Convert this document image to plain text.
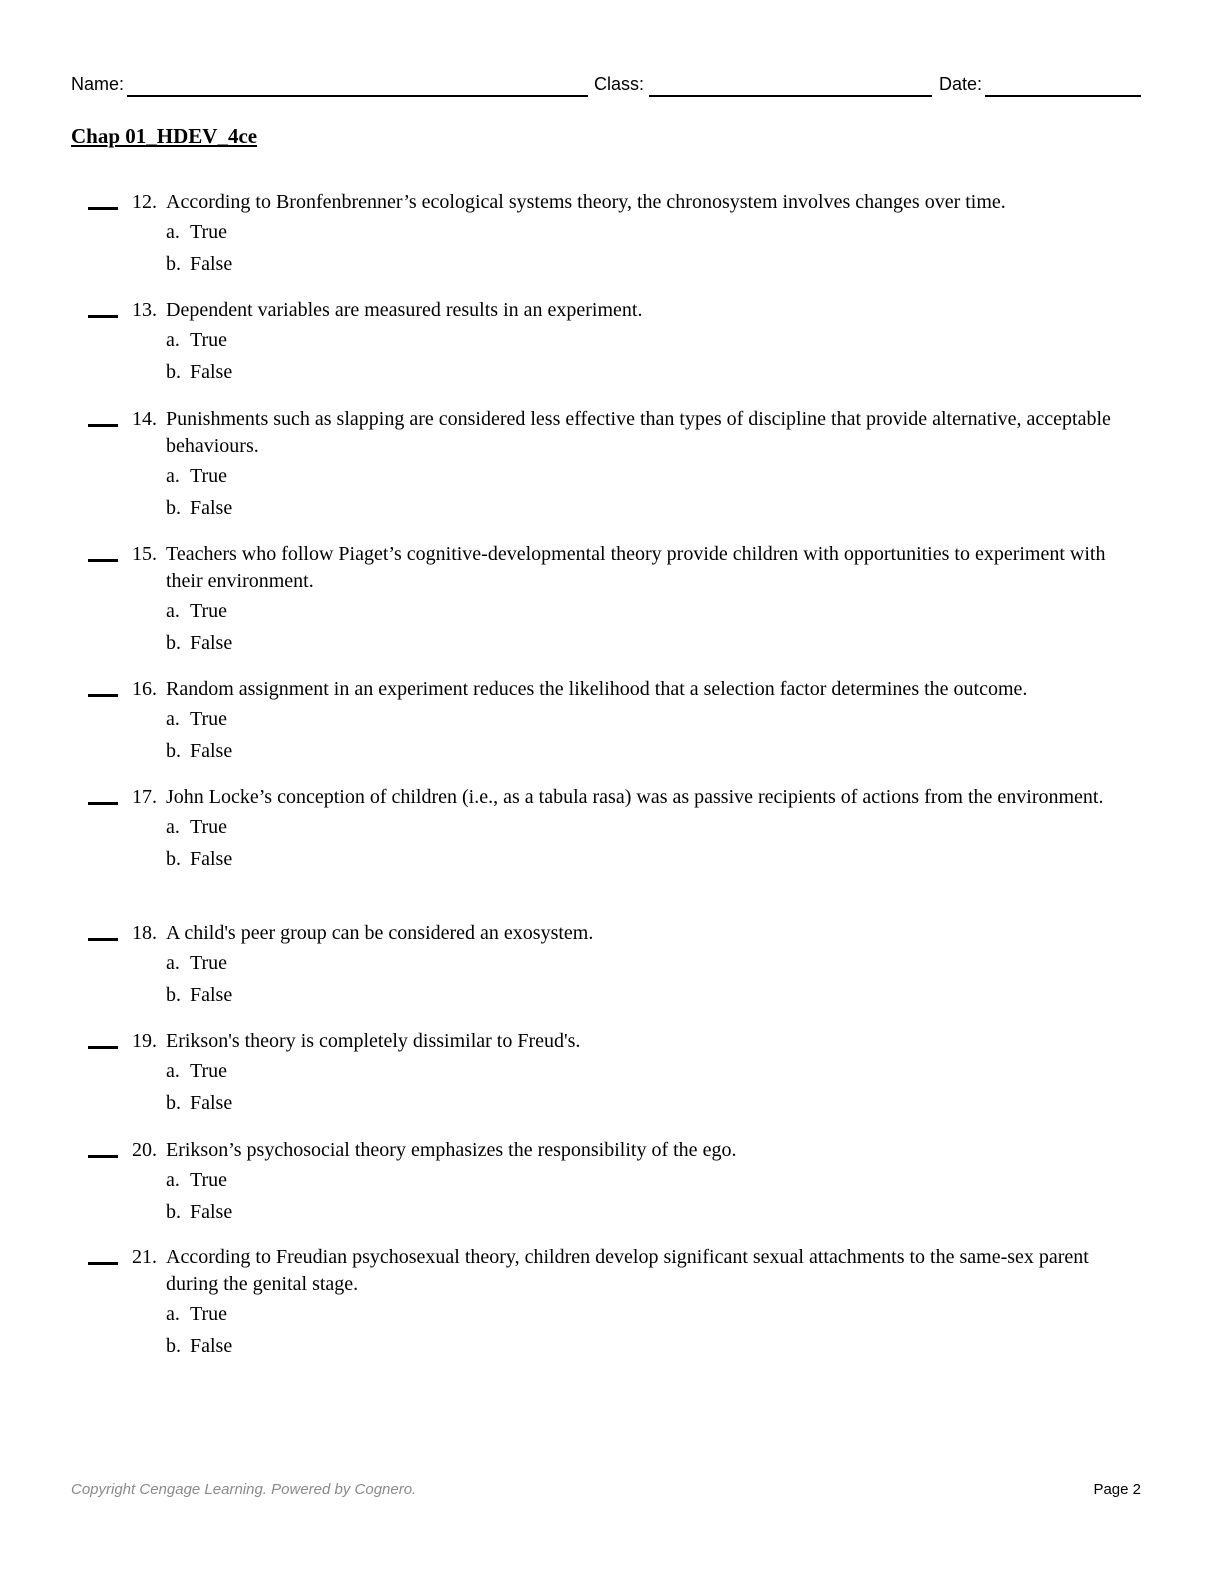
Name:	Class:	Date:
Chap 01_HDEV_4ce
12. According to Bronfenbrenner’s ecological systems theory, the chronosystem involves changes over time.
a. True
b. False
13. Dependent variables are measured results in an experiment.
a. True
b. False
14. Punishments such as slapping are considered less effective than types of discipline that provide alternative, acceptable behaviours.
a. True
b. False
15. Teachers who follow Piaget’s cognitive-developmental theory provide children with opportunities to experiment with their environment.
a. True
b. False
16. Random assignment in an experiment reduces the likelihood that a selection factor determines the outcome.
a. True
b. False
17. John Locke’s conception of children (i.e., as a tabula rasa) was as passive recipients of actions from the environment.
a. True
b. False
18. A child's peer group can be considered an exosystem.
a. True
b. False
19. Erikson's theory is completely dissimilar to Freud's.
a. True
b. False
20. Erikson’s psychosocial theory emphasizes the responsibility of the ego.
a. True
b. False
21. According to Freudian psychosexual theory, children develop significant sexual attachments to the same-sex parent during the genital stage.
a. True
b. False
Copyright Cengage Learning. Powered by Cognero.	Page 2
